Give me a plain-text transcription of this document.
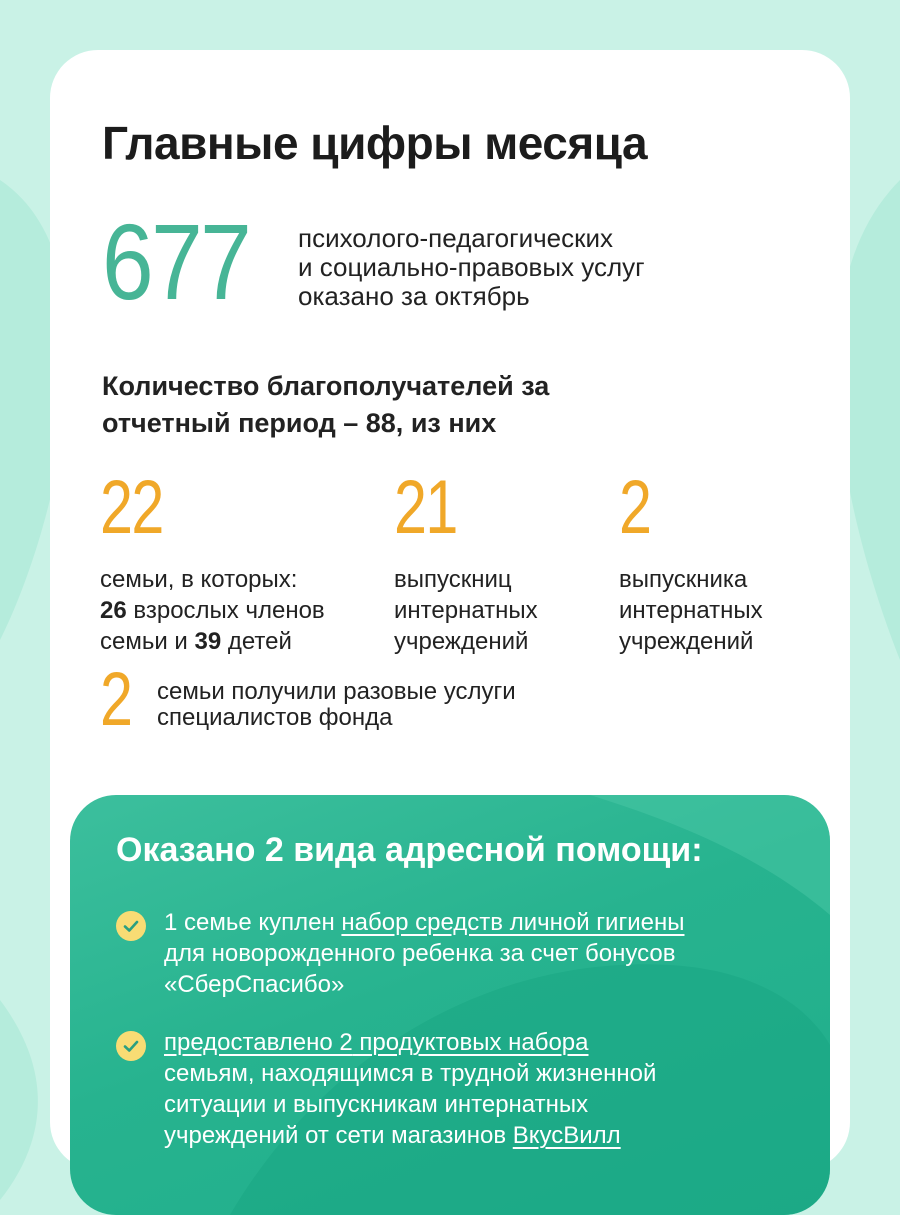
Главные цифры месяца
677 психолого-педагогических
и социально-правовых услуг
оказано за октябрь
Количество благополучателей за
отчетный период – 88, из них
22
семьи, в которых:
26 взрослых членов
семьи и 39 детей
21
выпускниц
интернатных
учреждений
2
выпускника
интернатных
учреждений
2 семьи получили разовые услуги
специалистов фонда
Оказано 2 вида адресной помощи:
1 семье куплен набор средств личной гигиены
для новорожденного ребенка за счет бонусов
«СберСпасибо»
предоставлено 2 продуктовых набора
семьям, находящимся в трудной жизненной
ситуации и выпускникам интернатных
учреждений от сети магазинов ВкусВилл
